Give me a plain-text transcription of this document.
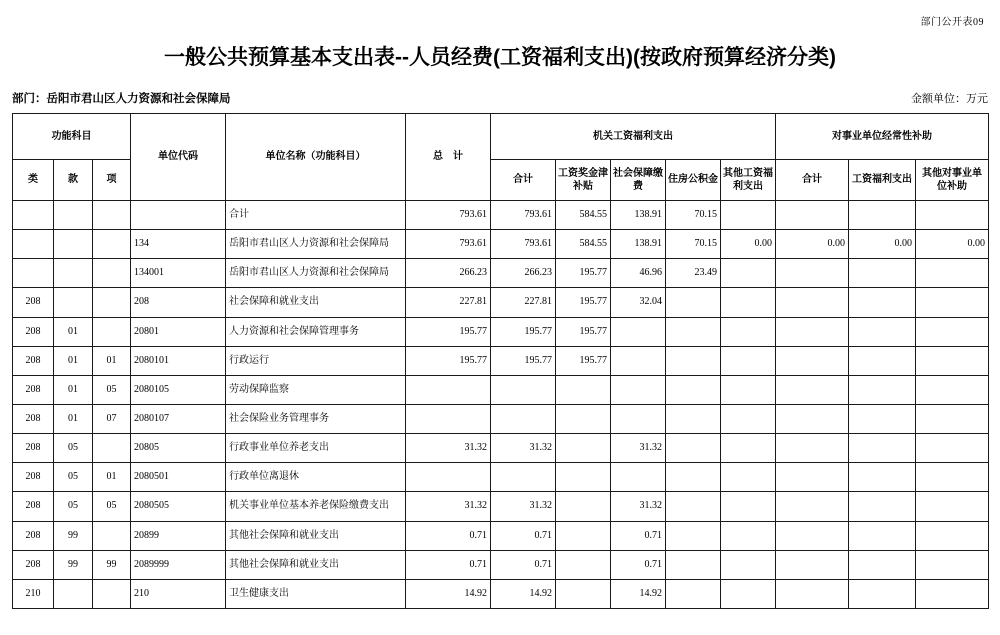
部门公开表09
一般公共预算基本支出表--人员经费(工资福利支出)(按政府预算经济分类)
部门：岳阳市君山区人力资源和社会保障局	金额单位：万元
功能科目			单位代码	单位名称（功能科目）	总　计	机关工资福利支出					对事业单位经常性补助		
类	款	项				合计	工资奖金津补贴	社会保障缴费	住房公积金	其他工资福利支出	合计	工资福利支出	其他对事业单位补助
				合计	793.61	793.61	584.55	138.91	70.15				
			134	岳阳市君山区人力资源和社会保障局	793.61	793.61	584.55	138.91	70.15	0.00	0.00	0.00	0.00
			134001	岳阳市君山区人力资源和社会保障局	266.23	266.23	195.77	46.96	23.49				
208			208	社会保障和就业支出	227.81	227.81	195.77	32.04					
208	01		20801	人力资源和社会保障管理事务	195.77	195.77	195.77						
208	01	01	2080101	行政运行	195.77	195.77	195.77						
208	01	05	2080105	劳动保障监察									
208	01	07	2080107	社会保险业务管理事务									
208	05		20805	行政事业单位养老支出	31.32	31.32		31.32					
208	05	01	2080501	行政单位离退休									
208	05	05	2080505	机关事业单位基本养老保险缴费支出	31.32	31.32		31.32					
208	99		20899	其他社会保障和就业支出	0.71	0.71		0.71					
208	99	99	2089999	其他社会保障和就业支出	0.71	0.71		0.71					
210			210	卫生健康支出	14.92	14.92		14.92					
